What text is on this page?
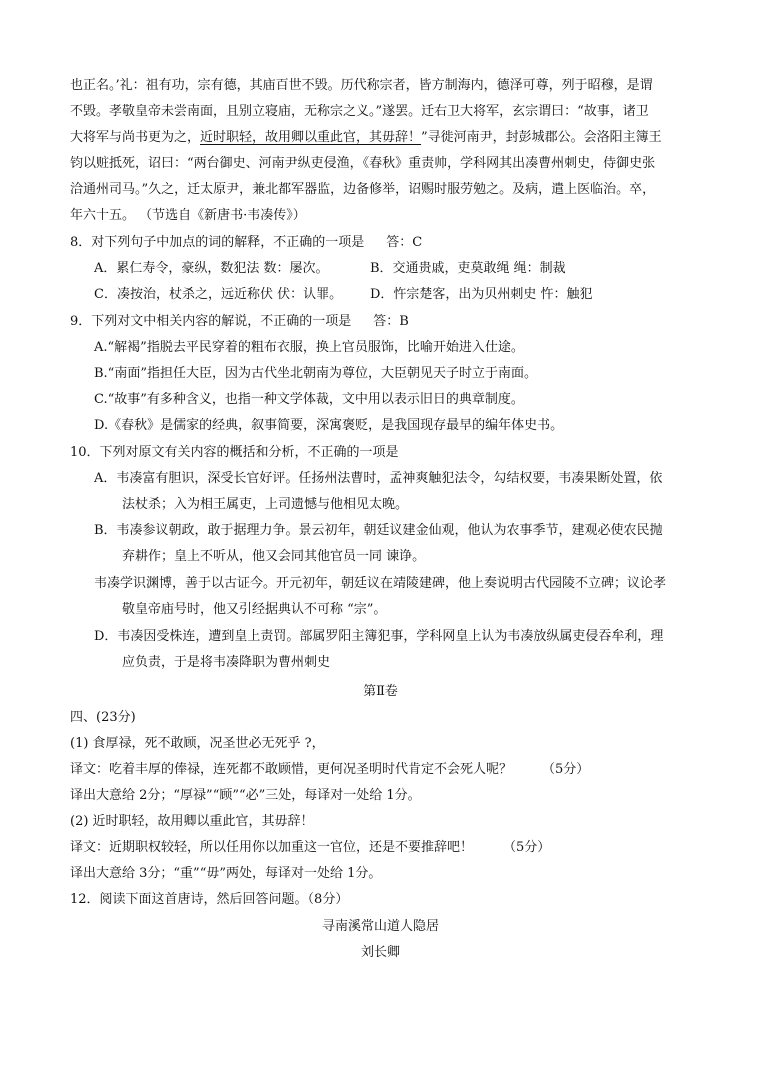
也正名。’礼：祖有功，宗有德，其庙百世不毁。历代称宗者，皆方制海内，德泽可尊，列于昭穆，是谓
不毁。孝敬皇帝未尝南面，且别立寝庙，无称宗之义。”遂罢。迁右卫大将军，玄宗谓曰：“故事，诸卫
大将军与尚书更为之，近时职轻，故用卿以重此官，其毋辞！”寻徙河南尹，封彭城郡公。会洛阳主簿王
钧以赃抵死，诏曰：“两台御史、河南尹纵吏侵渔，《春秋》重责帅，学科网其出凑曹州刺史，侍御史张
洽通州司马。”久之，迁太原尹，兼北都军器监，边备修举，诏赐时服劳勉之。及病，遣上医临治。卒，
年六十五。 （节选自《新唐书·韦凑传》）
8．对下列句子中加点的词的解释，不正确的一项是 答：C
A．累仁寿令，豪纵，数犯法 数：屡次。	B．交通贵戚，吏莫敢绳 绳：制裁
C．凑按治，杖杀之，远近称伏 伏：认罪。 D．忤宗楚客，出为贝州刺史 忤：触犯
9．下列对文中相关内容的解说，不正确的一项是 答：B
A.“解褐”指脱去平民穿着的粗布衣服，换上官员服饰，比喻开始进入仕途。
B.“南面”指担任大臣，因为古代坐北朝南为尊位，大臣朝见天子时立于南面。
C.“故事”有多种含义，也指一种文学体裁，文中用以表示旧日的典章制度。
D.《春秋》是儒家的经典，叙事简要，深寓褒贬，是我国现存最早的编年体史书。
10．下列对原文有关内容的概括和分析，不正确的一项是
A．韦凑富有胆识，深受长官好评。任扬州法曹时，孟神爽触犯法令，勾结权要，韦凑果断处置，依
法杖杀；入为相王属吏，上司遗憾与他相见太晚。
B．韦凑参议朝政，敢于据理力争。景云初年，朝廷议建金仙观，他认为农事季节，建观必使农民抛
弃耕作；皇上不听从，他又会同其他官员一同 谏诤。
韦凑学识渊博，善于以古证今。开元初年，朝廷议在靖陵建碑，他上奏说明古代园陵不立碑；议论孝
敬皇帝庙号时，他又引经据典认不可称 “宗”。
D．韦凑因受株连，遭到皇上责罚。部属罗阳主簿犯事，学科网皇上认为韦凑放纵属吏侵吞牟利，理
应负责，于是将韦凑降职为曹州刺史
第Ⅱ卷
四、(23分)
(1) 食厚禄，死不敢顾，况圣世必无死乎 ?，
译文：吃着丰厚的俸禄，连死都不敢顾惜，更何况圣明时代肯定不会死人呢？ （5分）
译出大意给 2分；“厚禄”“顾”“必”三处，每译对一处给 1分。
(2) 近时职轻，故用卿以重此官，其毋辞！
译文：近期职权较轻，所以任用你以加重这一官位，还是不要推辞吧！ （5分）
译出大意给 3分；“重”“毋”两处，每译对一处给 1分。
12．阅读下面这首唐诗，然后回答问题。（8分）
寻南溪常山道人隐居
刘长卿
